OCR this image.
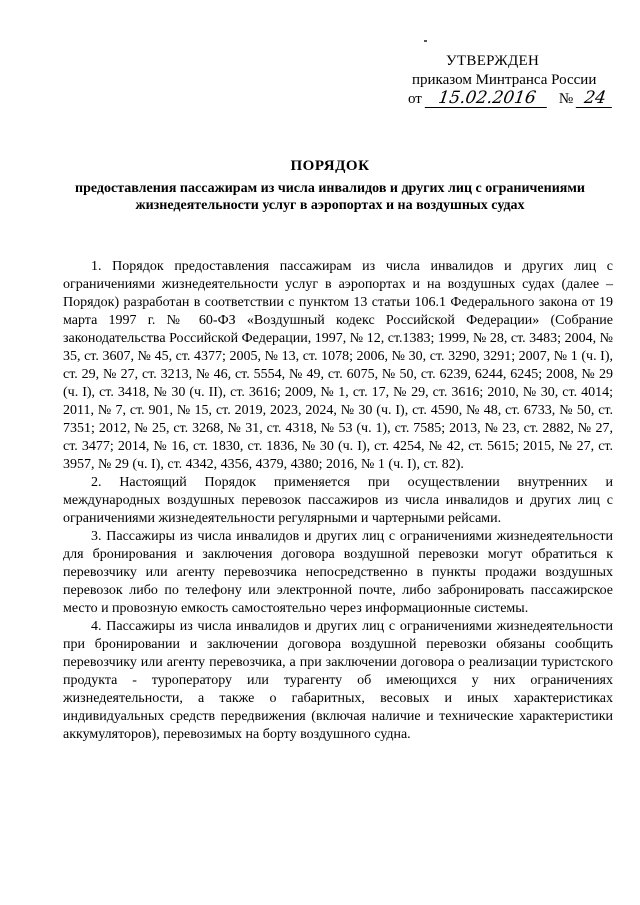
УТВЕРЖДЕН
приказом Минтранса России
от 15.02.2016 № 24
ПОРЯДОК
предоставления пассажирам из числа инвалидов и других лиц с ограничениями жизнедеятельности услуг в аэропортах и на воздушных судах

1. Порядок предоставления пассажирам из числа инвалидов и других лиц с ограничениями жизнедеятельности услуг в аэропортах и на воздушных судах (далее – Порядок) разработан в соответствии с пунктом 13 статьи 106.1 Федерального закона от 19 марта 1997 г. № 60-ФЗ «Воздушный кодекс Российской Федерации» (Собрание законодательства Российской Федерации, 1997, № 12, ст.1383; 1999, № 28, ст. 3483; 2004, № 35, ст. 3607, № 45, ст. 4377; 2005, № 13, ст. 1078; 2006, № 30, ст. 3290, 3291; 2007, № 1 (ч. I), ст. 29, № 27, ст. 3213, № 46, ст. 5554, № 49, ст. 6075, № 50, ст. 6239, 6244, 6245; 2008, № 29 (ч. I), ст. 3418, № 30 (ч. II), ст. 3616; 2009, № 1, ст. 17, № 29, ст. 3616; 2010, № 30, ст. 4014; 2011, № 7, ст. 901, № 15, ст. 2019, 2023, 2024, № 30 (ч. I), ст. 4590, № 48, ст. 6733, № 50, ст. 7351; 2012, № 25, ст. 3268, № 31, ст. 4318, № 53 (ч. 1), ст. 7585; 2013, № 23, ст. 2882, № 27, ст. 3477; 2014, № 16, ст. 1830, ст. 1836, № 30 (ч. I), ст. 4254, № 42, ст. 5615; 2015, № 27, ст. 3957, № 29 (ч. I), ст. 4342, 4356, 4379, 4380; 2016, № 1 (ч. I), ст. 82).

2. Настоящий Порядок применяется при осуществлении внутренних и международных воздушных перевозок пассажиров из числа инвалидов и других лиц с ограничениями жизнедеятельности регулярными и чартерными рейсами.

3. Пассажиры из числа инвалидов и других лиц с ограничениями жизнедеятельности для бронирования и заключения договора воздушной перевозки могут обратиться к перевозчику или агенту перевозчика непосредственно в пункты продажи воздушных перевозок либо по телефону или электронной почте, либо забронировать пассажирское место и провозную емкость самостоятельно через информационные системы.

4. Пассажиры из числа инвалидов и других лиц с ограничениями жизнедеятельности при бронировании и заключении договора воздушной перевозки обязаны сообщить перевозчику или агенту перевозчика, а при заключении договора о реализации туристского продукта - туроператору или турагенту об имеющихся у них ограничениях жизнедеятельности, а также о габаритных, весовых и иных характеристиках индивидуальных средств передвижения (включая наличие и технические характеристики аккумуляторов), перевозимых на борту воздушного судна.
